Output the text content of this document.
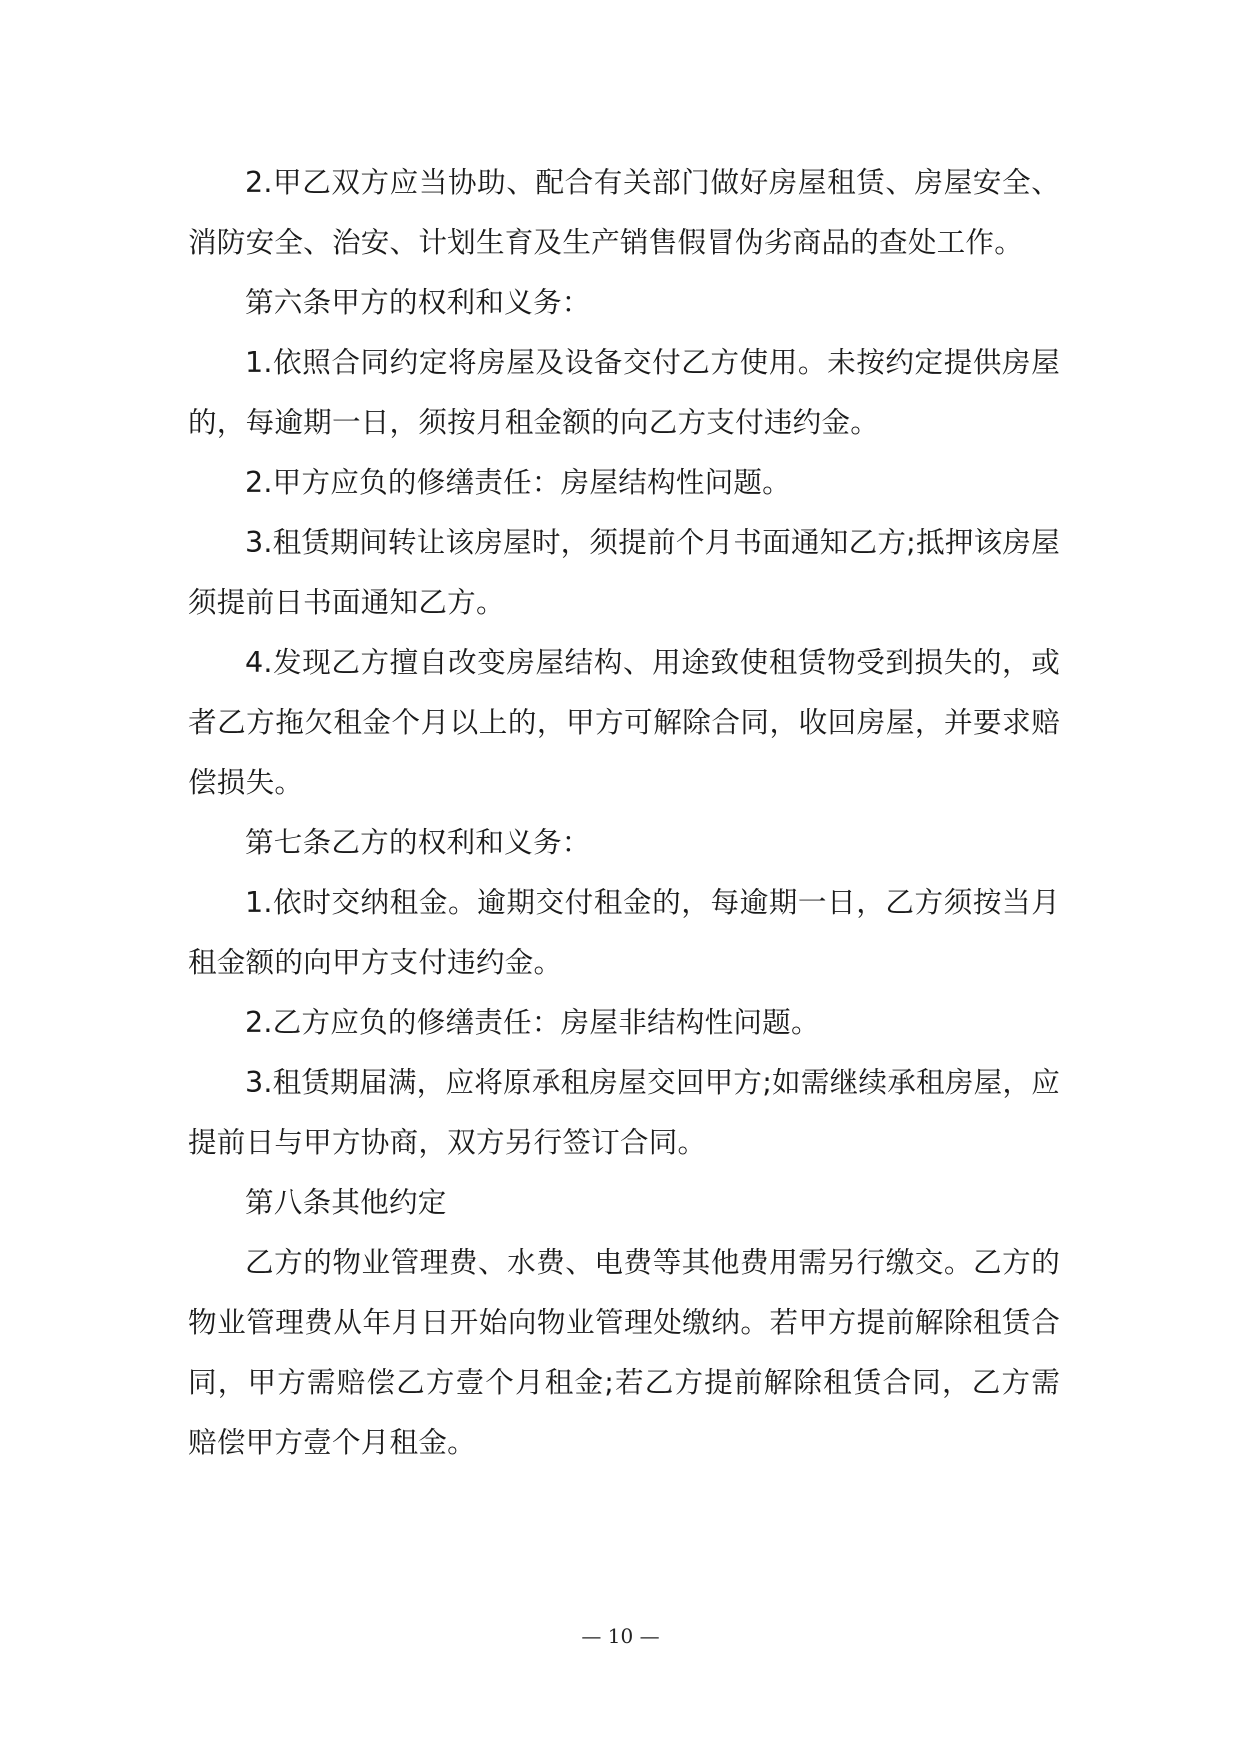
2.甲乙双方应当协助、配合有关部门做好房屋租赁、房屋安全、消防安全、治安、计划生育及生产销售假冒伪劣商品的查处工作。

第六条甲方的权利和义务：

1.依照合同约定将房屋及设备交付乙方使用。未按约定提供房屋的，每逾期一日，须按月租金额的向乙方支付违约金。

2.甲方应负的修缮责任：房屋结构性问题。

3.租赁期间转让该房屋时，须提前个月书面通知乙方;抵押该房屋须提前日书面通知乙方。

4.发现乙方擅自改变房屋结构、用途致使租赁物受到损失的，或者乙方拖欠租金个月以上的，甲方可解除合同，收回房屋，并要求赔偿损失。

第七条乙方的权利和义务：

1.依时交纳租金。逾期交付租金的，每逾期一日，乙方须按当月租金额的向甲方支付违约金。

2.乙方应负的修缮责任：房屋非结构性问题。

3.租赁期届满，应将原承租房屋交回甲方;如需继续承租房屋，应提前日与甲方协商，双方另行签订合同。

第八条其他约定

乙方的物业管理费、水费、电费等其他费用需另行缴交。乙方的物业管理费从年月日开始向物业管理处缴纳。若甲方提前解除租赁合同，甲方需赔偿乙方壹个月租金;若乙方提前解除租赁合同，乙方需赔偿甲方壹个月租金。

— 10 —
